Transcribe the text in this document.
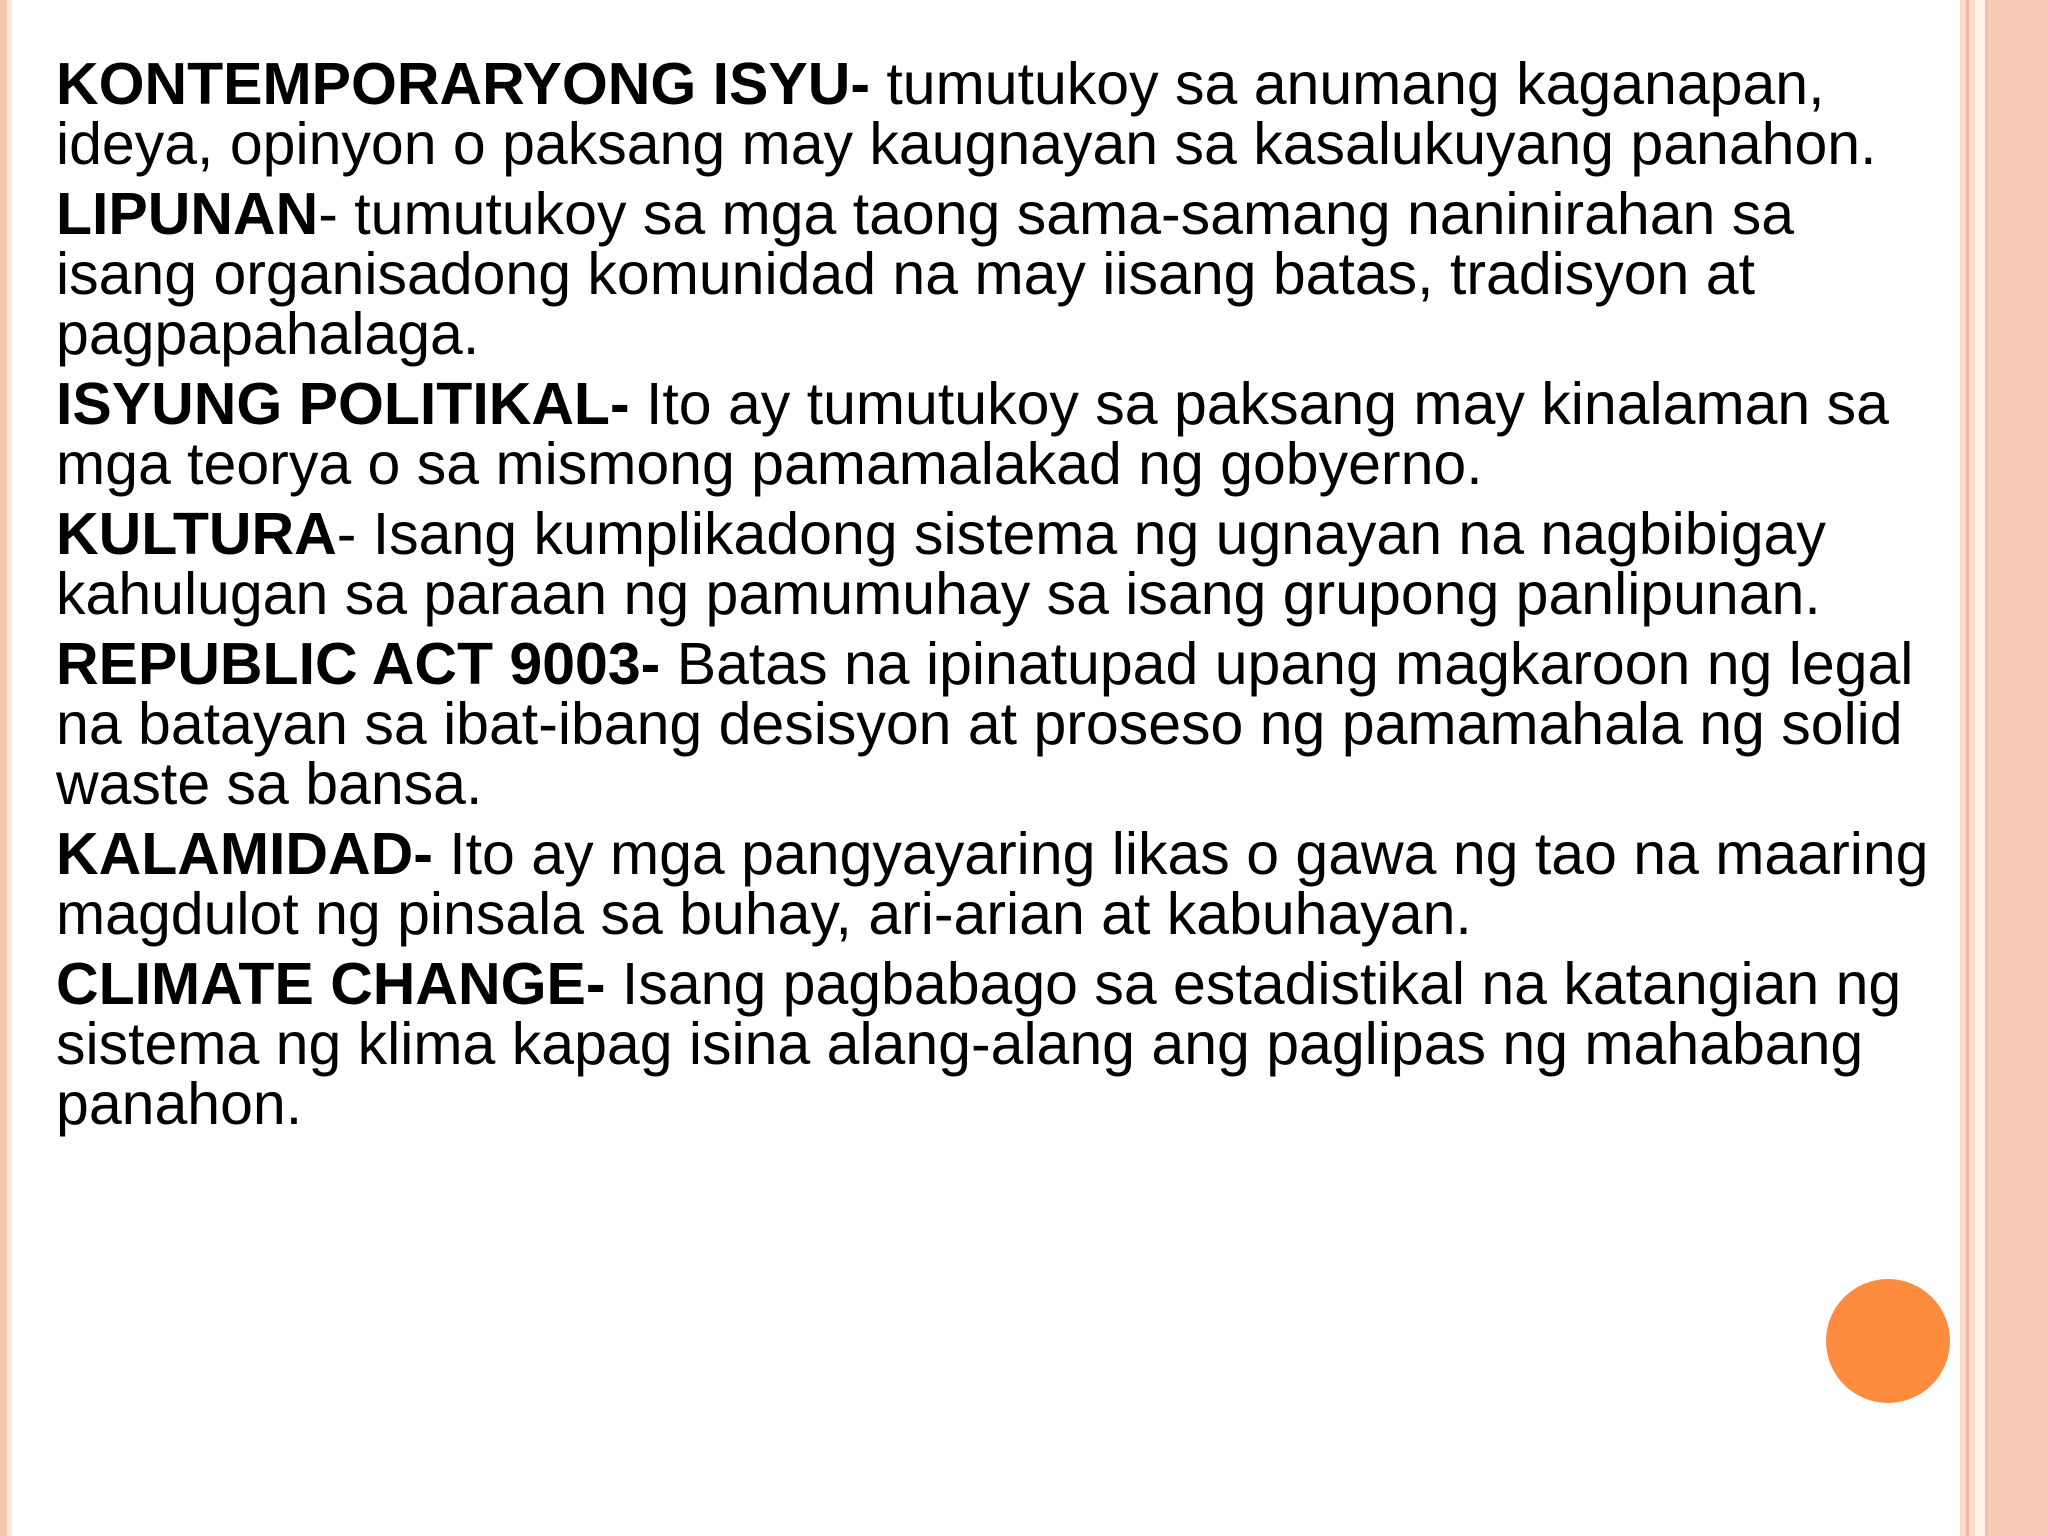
KONTEMPORARYONG ISYU- tumutukoy sa anumang kaganapan, ideya, opinyon o paksang may kaugnayan sa kasalukuyang panahon.

LIPUNAN- tumutukoy sa mga taong sama-samang naninirahan sa isang organisadong komunidad na may iisang batas, tradisyon at pagpapahalaga.

ISYUNG POLITIKAL- Ito ay tumutukoy sa paksang may kinalaman sa mga teorya o sa mismong pamamalakad ng gobyerno.

KULTURA- Isang kumplikadong sistema ng ugnayan na nagbibigay kahulugan sa paraan ng pamumuhay sa isang grupong panlipunan.

REPUBLIC ACT 9003- Batas na ipinatupad upang magkaroon ng legal na batayan sa ibat-ibang desisyon at proseso ng pamamahala ng solid waste sa bansa.

KALAMIDAD- Ito ay mga pangyayaring likas o gawa ng tao na maaring magdulot ng pinsala sa buhay, ari-arian at kabuhayan.

CLIMATE CHANGE- Isang pagbabago sa estadistikal na katangian ng sistema ng klima kapag isina alang-alang ang paglipas ng mahabang panahon.
